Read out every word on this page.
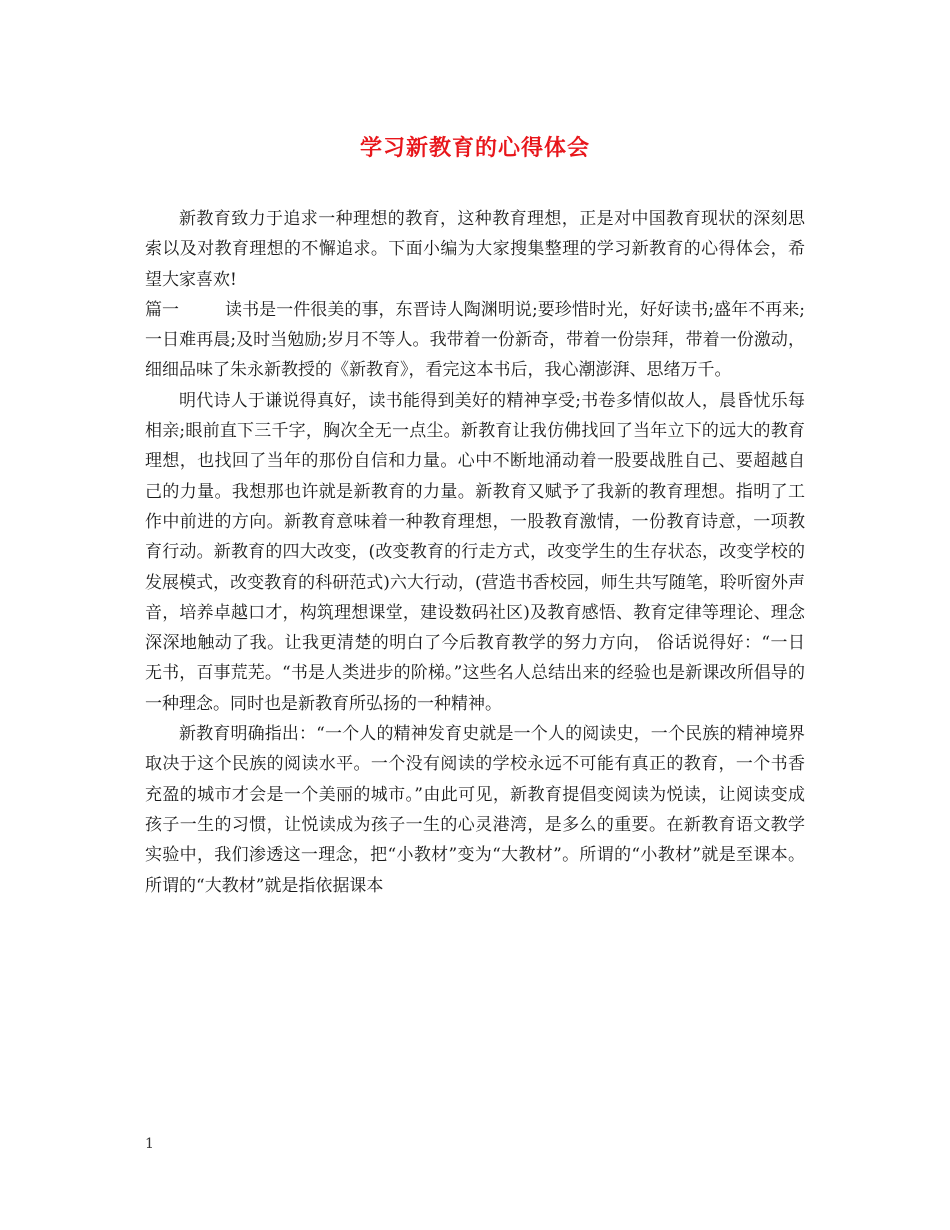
学习新教育的心得体会

新教育致力于追求一种理想的教育，这种教育理想，正是对中国教育现状的深刻思索以及对教育理想的不懈追求。下面小编为大家搜集整理的学习新教育的心得体会，希望大家喜欢!

篇一	读书是一件很美的事，东晋诗人陶渊明说;要珍惜时光，好好读书;盛年不再来;一日难再晨;及时当勉励;岁月不等人。我带着一份新奇，带着一份崇拜，带着一份激动，细细品味了朱永新教授的《新教育》，看完这本书后，我心潮澎湃、思绪万千。

明代诗人于谦说得真好，读书能得到美好的精神享受;书卷多情似故人，晨昏忧乐每相亲;眼前直下三千字，胸次全无一点尘。新教育让我仿佛找回了当年立下的远大的教育理想，也找回了当年的那份自信和力量。心中不断地涌动着一股要战胜自己、要超越自己的力量。我想那也许就是新教育的力量。新教育又赋予了我新的教育理想。指明了工作中前进的方向。新教育意味着一种教育理想，一股教育激情，一份教育诗意，一项教育行动。新教育的四大改变，(改变教育的行走方式，改变学生的生存状态，改变学校的发展模式，改变教育的科研范式)六大行动，(营造书香校园，师生共写随笔，聆听窗外声音，培养卓越口才，构筑理想课堂，建设数码社区)及教育感悟、教育定律等理论、理念深深地触动了我。让我更清楚的明白了今后教育教学的努力方向， 俗话说得好：“一日无书，百事荒芜。“书是人类进步的阶梯。”这些名人总结出来的经验也是新课改所倡导的一种理念。同时也是新教育所弘扬的一种精神。

新教育明确指出：“一个人的精神发育史就是一个人的阅读史，一个民族的精神境界取决于这个民族的阅读水平。一个没有阅读的学校永远不可能有真正的教育，一个书香充盈的城市才会是一个美丽的城市。”由此可见，新教育提倡变阅读为悦读，让阅读变成孩子一生的习惯，让悦读成为孩子一生的心灵港湾，是多么的重要。在新教育语文教学实验中，我们渗透这一理念，把“小教材”变为“大教材”。所谓的“小教材”就是至课本。所谓的“大教材”就是指依据课本

1
